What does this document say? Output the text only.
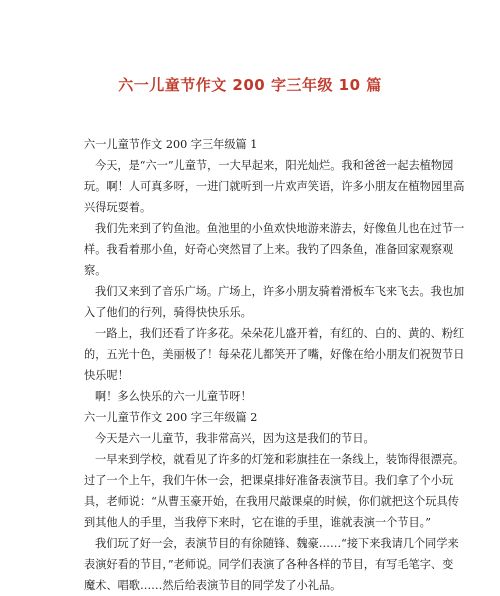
六一儿童节作文 200 字三年级 10 篇
六一儿童节作文 200 字三年级篇 1
今天，是“六一”儿童节，一大早起来，阳光灿烂。我和爸爸一起去植物园
玩。啊！人可真多呀，一进门就听到一片欢声笑语，许多小朋友在植物园里高
兴得玩耍着。
我们先来到了钓鱼池。鱼池里的小鱼欢快地游来游去，好像鱼儿也在过节一
样。我看着那小鱼，好奇心突然冒了上来。我钓了四条鱼，准备回家观察观
察。
我们又来到了音乐广场。广场上，许多小朋友骑着滑板车飞来飞去。我也加
入了他们的行列，骑得快快乐乐。
一路上，我们还看了许多花。朵朵花儿盛开着，有红的、白的、黄的、粉红
的，五光十色，美丽极了！每朵花儿都笑开了嘴，好像在给小朋友们祝贺节日
快乐呢！
啊！多么快乐的六一儿童节呀！
六一儿童节作文 200 字三年级篇 2
今天是六一儿童节，我非常高兴，因为这是我们的节日。
一早来到学校，就看见了许多的灯笼和彩旗挂在一条线上，装饰得很漂亮。
过了一个上午，我们午休一会，把课桌排好准备表演节目。我们拿了个小玩
具，老师说：“从曹玉豪开始，在我用尺敲课桌的时候，你们就把这个玩具传
到其他人的手里，当我停下来时，它在谁的手里，谁就表演一个节目。”
我们玩了好一会，表演节目的有徐随锋、魏豪……“接下来我请几个同学来
表演好看的节目，”老师说。同学们表演了各种各样的节目，有写毛笔字、变
魔术、唱歌……然后给表演节目的同学发了小礼品。
